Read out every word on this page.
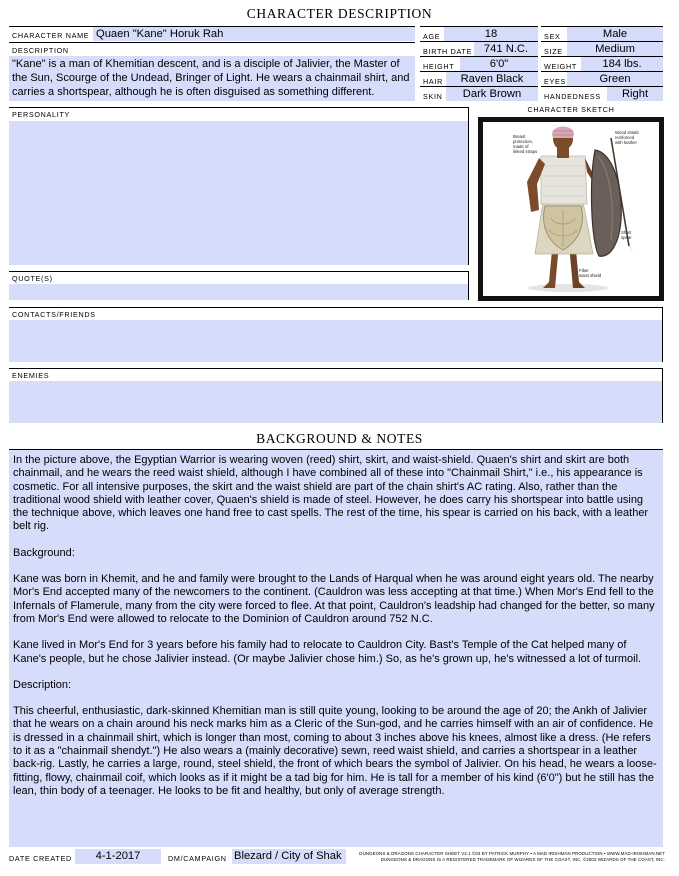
CHARACTER DESCRIPTION
CHARACTER NAME Quaen "Kane" Horuk Rah
DESCRIPTION
"Kane" is a man of Khemitian descent, and is a disciple of Jalivier, the Master of the Sun, Scourge of the Undead, Bringer of Light. He wears a chainmail shirt, and carries a shortspear, although he is often disguised as something different.
AGE	18	SEX	Male
BIRTH DATE	741 N.C.	SIZE	Medium
HEIGHT	6'0"	WEIGHT	184 lbs.
HAIR	Raven Black	EYES	Green
SKIN	Dark Brown	HANDEDNESS	Right
PERSONALITY
QUOTE(S)
CHARACTER SKETCH
Breast
protection,
made of
linked straps
Wood shield
reinforced
with leather
Short
spear
Fiber
waist shield
CONTACTS/FRIENDS
ENEMIES
BACKGROUND & NOTES

In the picture above, the Egyptian Warrior is wearing woven (reed) shirt, skirt, and waist-shield. Quaen's shirt and skirt are both chainmail, and he wears the reed waist shield, although I have combined all of these into "Chainmail Shirt," i.e., his appearance is cosmetic. For all intensive purposes, the skirt and the waist shield are part of the chain shirt's AC rating. Also, rather than the traditional wood shield with leather cover, Quaen's shield is made of steel. However, he does carry his shortspear into battle using the technique above, which leaves one hand free to cast spells. The rest of the time, his spear is carried on his back, with a leather belt rig.

Background:

Kane was born in Khemit, and he and family were brought to the Lands of Harqual when he was around eight years old. The nearby Mor's End accepted many of the newcomers to the continent. (Cauldron was less accepting at that time.) When Mor's End fell to the Infernals of Flamerule, many from the city were forced to flee. At that point, Cauldron's leadship had changed for the better, so many from Mor's End were allowed to relocate to the Dominion of Cauldron around 752 N.C.

Kane lived in Mor's End for 3 years before his family had to relocate to Cauldron City. Bast's Temple of the Cat helped many of Kane's people, but he chose Jalivier instead. (Or maybe Jalivier chose him.) So, as he's grown up, he's witnessed a lot of turmoil.

Description:

This cheerful, enthusiastic, dark-skinned Khemitian man is still quite young, looking to be around the age of 20; the Ankh of Jalivier that he wears on a chain around his neck marks him as a Cleric of the Sun-god, and he carries himself with an air of confidence. He is dressed in a chainmail shirt, which is longer than most, coming to about 3 inches above his knees, almost like a dress. (He refers to it as a "chainmail shendyt.") He also wears a (mainly decorative) sewn, reed waist shield, and carries a shortspear in a leather back-rig. Lastly, he carries a large, round, steel shield, the front of which bears the symbol of Jalivier. On his head, he wears a loose-fitting, flowy, chainmail coif, which looks as if it might be a tad big for him. He is tall for a member of his kind (6'0") but he still has the lean, thin body of a teenager. He looks to be fit and healthy, but only of average strength.

DATE CREATED	4-1-2017	DM/CAMPAIGN Blezard / City of Shak	DUNGEONS & DRAGONS CHARACTER SHEET V2.1 ©03 BY PATRICK MURPHY • A MAD IRISHMAN PRODUCTION • WWW.MAD-IRISHMAN.NET
DUNGEONS & DRAGONS IS A REGISTERED TRADEMARK OF WIZARDS OF THE COAST, INC. ©2003 WIZARDS OF THE COAST, INC.
